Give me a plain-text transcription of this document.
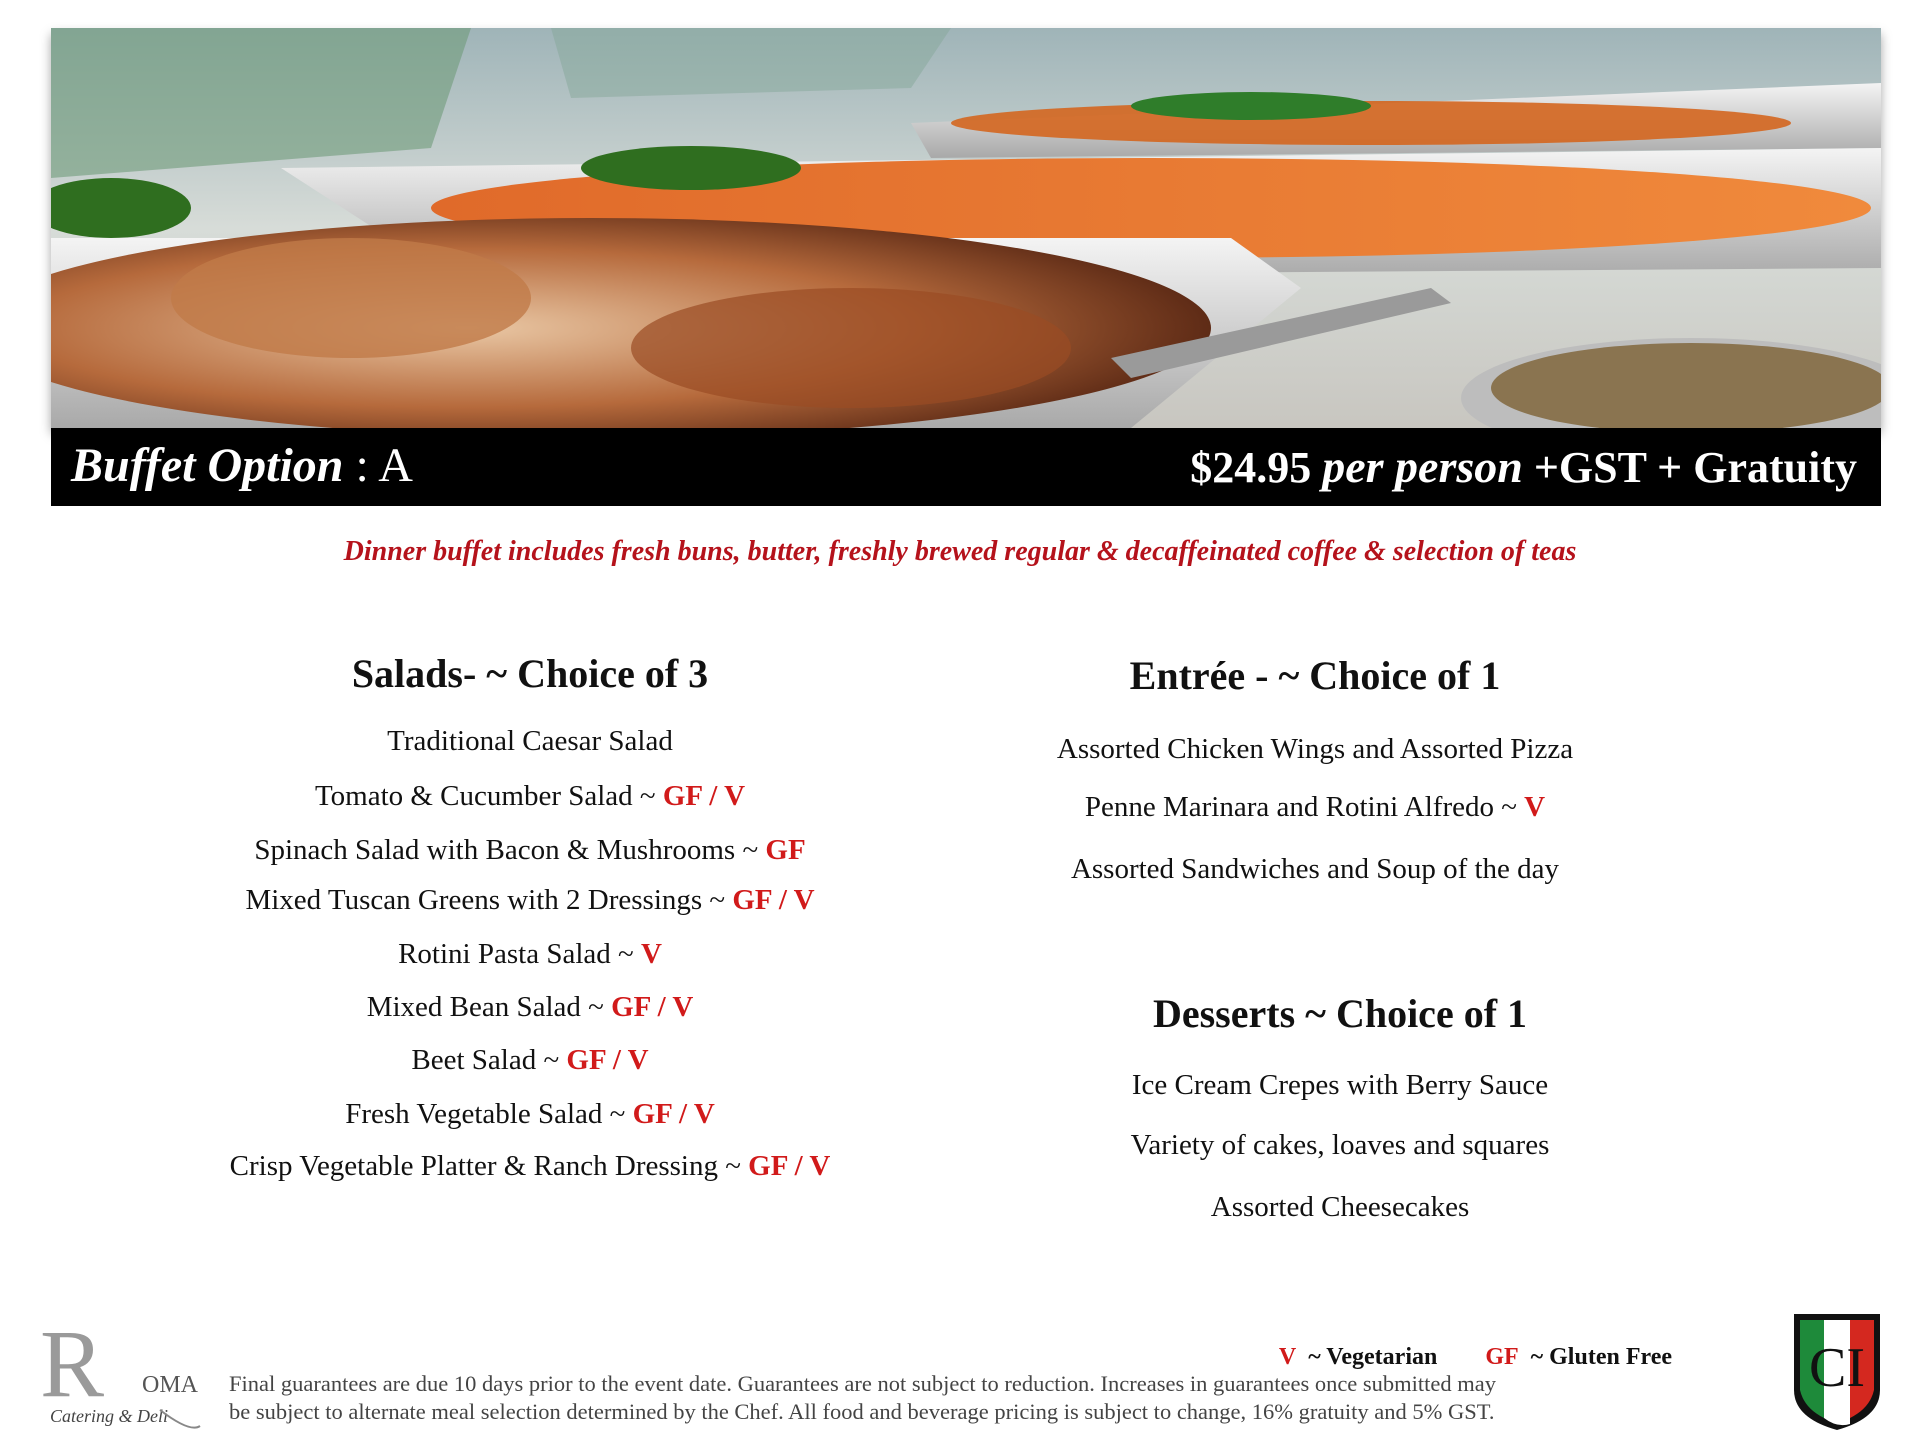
Buffet Option : A	$24.95 per person +GST + Gratuity
Dinner buffet includes fresh buns, butter, freshly brewed regular & decaffeinated coffee & selection of teas
Salads- ~ Choice of 3
Traditional Caesar Salad
Tomato & Cucumber Salad ~ GF / V
Spinach Salad with Bacon & Mushrooms ~ GF
Mixed Tuscan Greens with 2 Dressings ~ GF / V
Rotini Pasta Salad ~ V
Mixed Bean Salad ~ GF / V
Beet Salad ~ GF / V
Fresh Vegetable Salad ~ GF / V
Crisp Vegetable Platter & Ranch Dressing ~ GF / V
Entrée - ~ Choice of 1
Assorted Chicken Wings and Assorted Pizza
Penne Marinara and Rotini Alfredo ~ V
Assorted Sandwiches and Soup of the day
Desserts ~ Choice of 1
Ice Cream Crepes with Berry Sauce
Variety of cakes, loaves and squares
Assorted Cheesecakes
V ~ Vegetarian GF ~ Gluten Free
Final guarantees are due 10 days prior to the event date. Guarantees are not subject to reduction. Increases in guarantees once submitted may
be subject to alternate meal selection determined by the Chef. All food and beverage pricing is subject to change, 16% gratuity and 5% GST.
R OMA
Catering & Deli
CI
